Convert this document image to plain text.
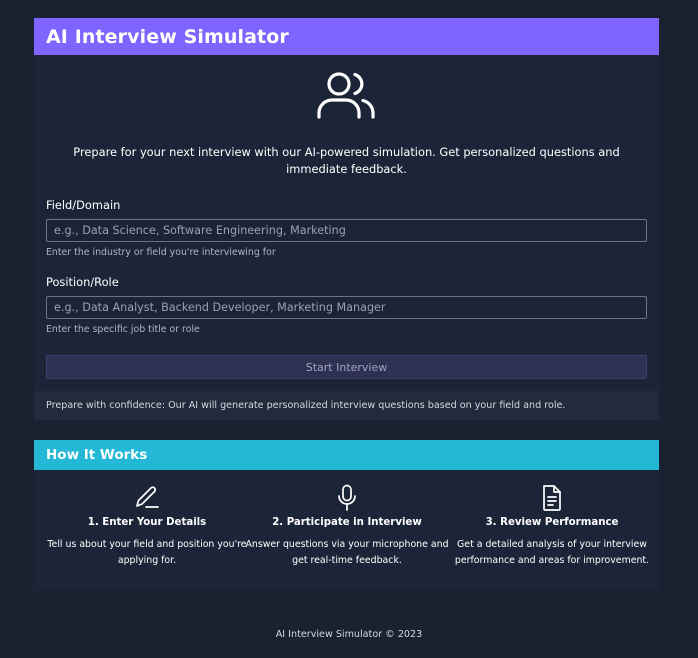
AI Interview Simulator

Prepare for your next interview with our AI-powered simulation. Get personalized questions and immediate feedback.

Field/Domain
e.g., Data Science, Software Engineering, Marketing
Enter the industry or field you're interviewing for
Position/Role
e.g., Data Analyst, Backend Developer, Marketing Manager
Enter the specific job title or role
Start Interview
Prepare with confidence: Our AI will generate personalized interview questions based on your field and role.
How It Works
1. Enter Your Details
Tell us about your field and position you're applying for.
2. Participate in Interview
Answer questions via your microphone and get real-time feedback.
3. Review Performance
Get a detailed analysis of your interview performance and areas for improvement.
AI Interview Simulator © 2023
